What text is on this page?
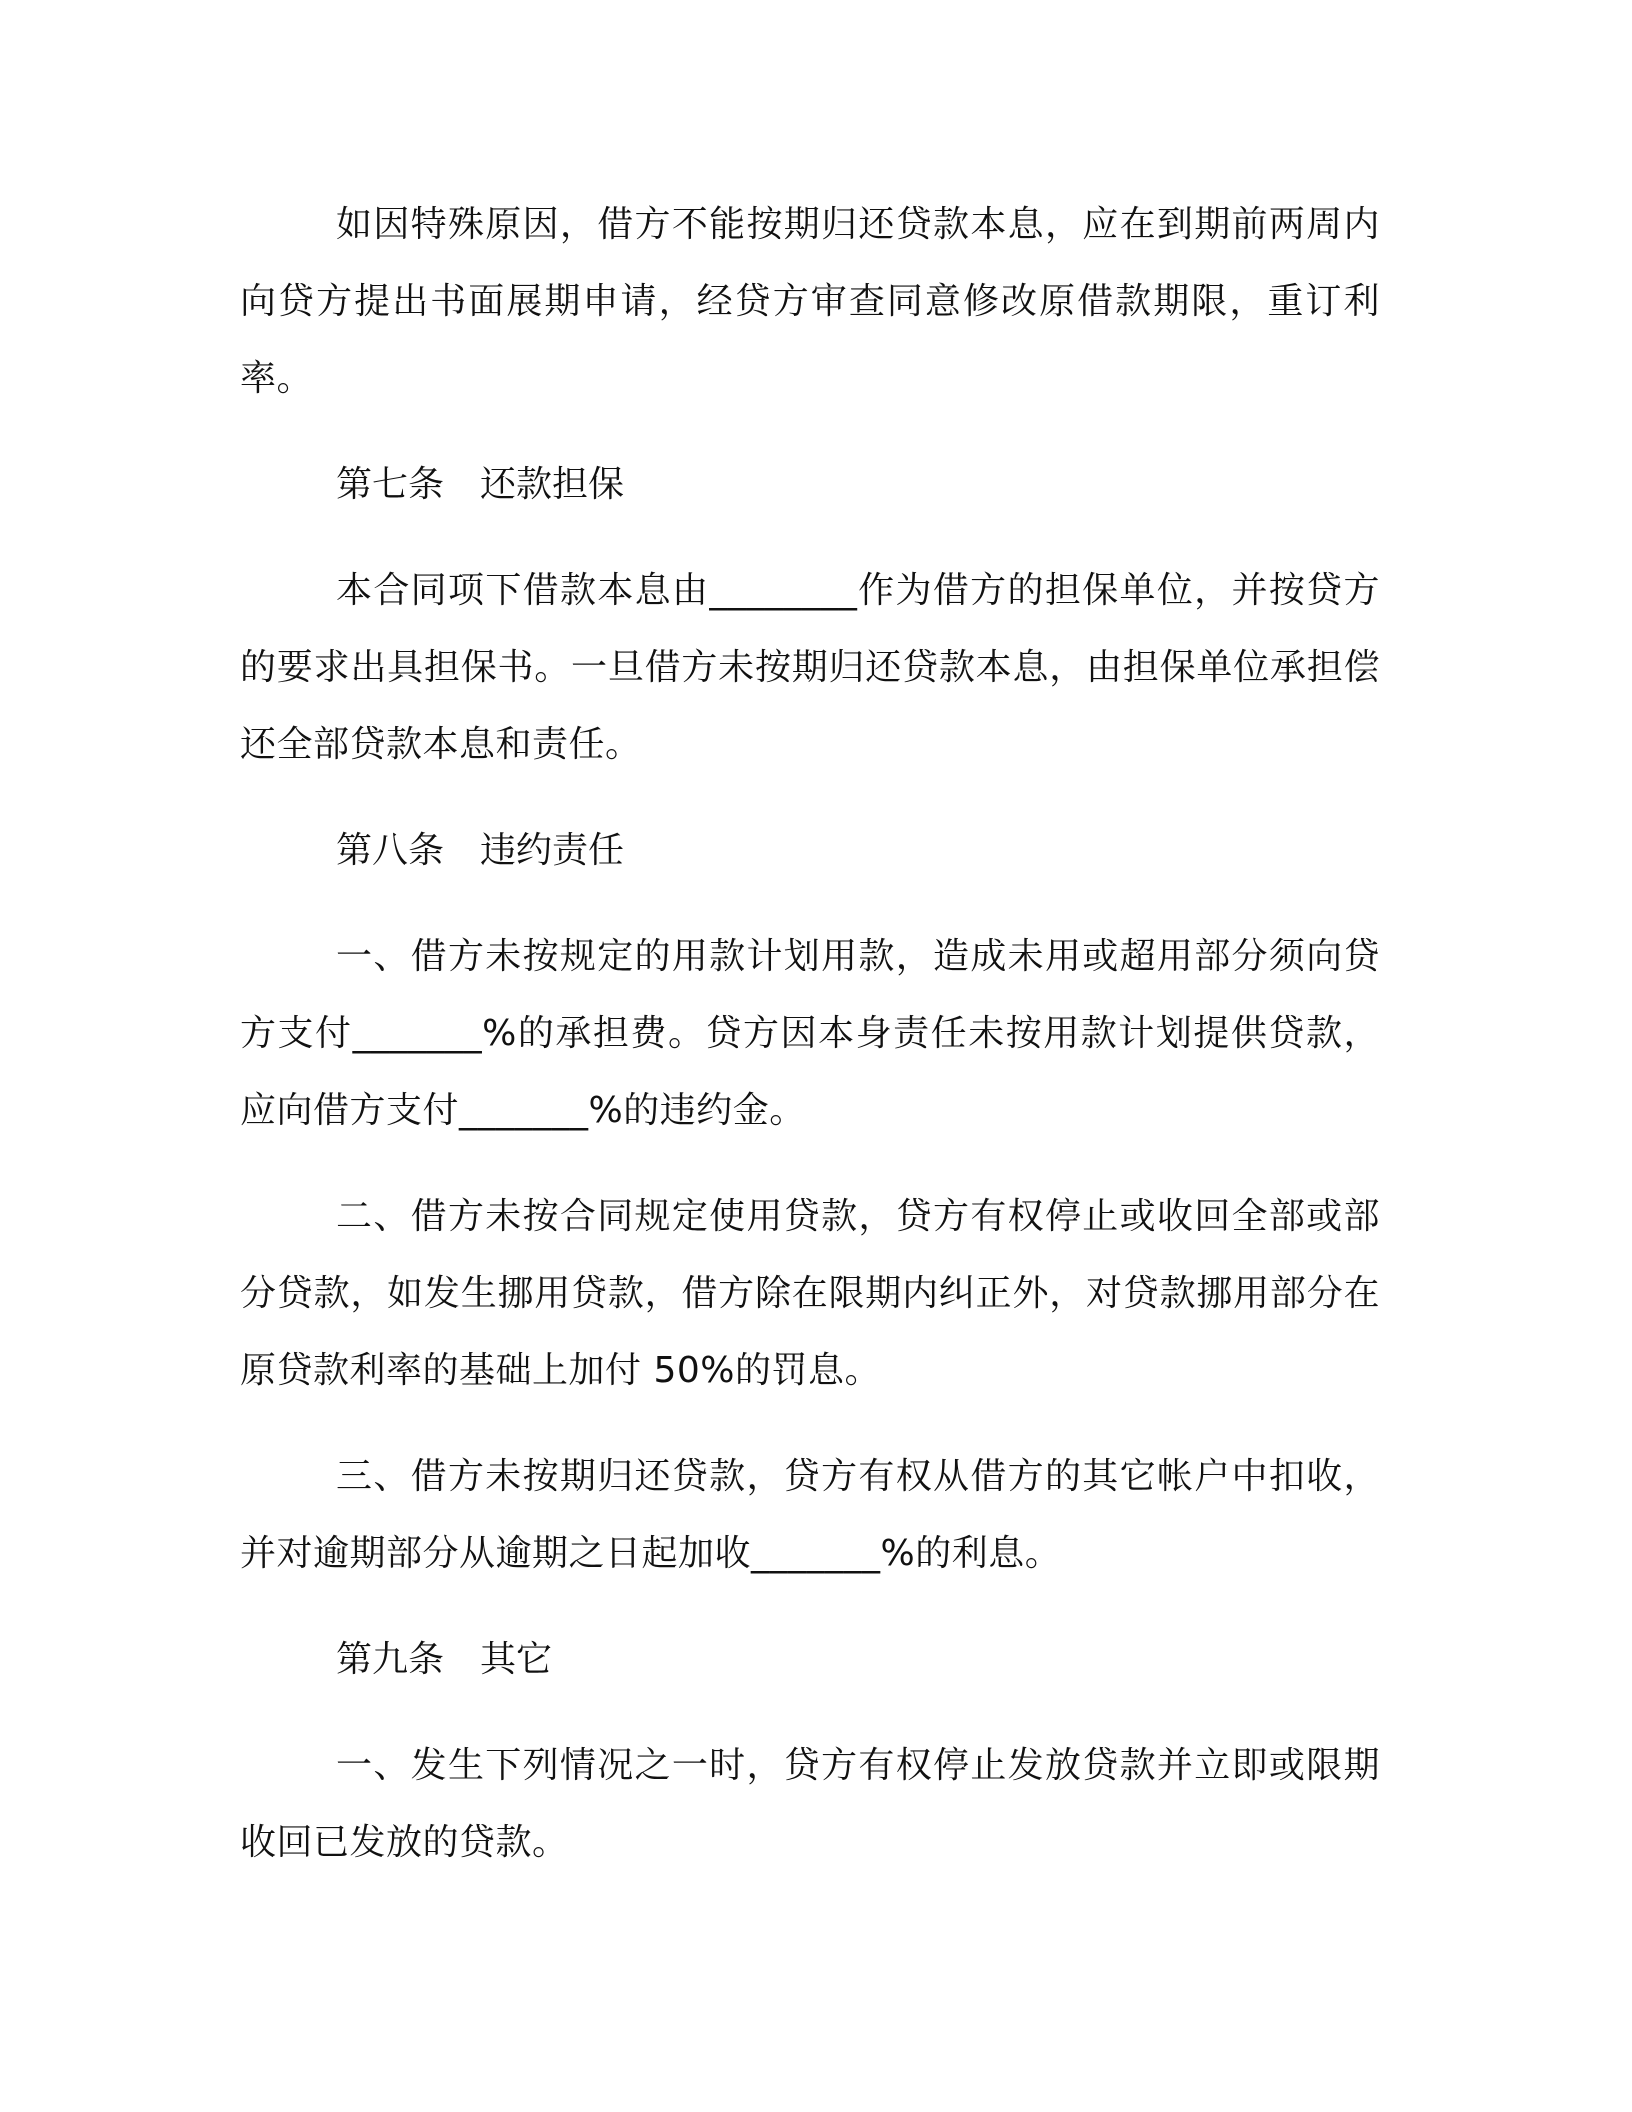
如因特殊原因，借方不能按期归还贷款本息，应在到期前两周内向贷方提出书面展期申请，经贷方审查同意修改原借款期限，重订利率。

第七条　还款担保

本合同项下借款本息由________作为借方的担保单位，并按贷方的要求出具担保书。一旦借方未按期归还贷款本息，由担保单位承担偿还全部贷款本息和责任。

第八条　违约责任

一、借方未按规定的用款计划用款，造成未用或超用部分须向贷方支付_______%的承担费。贷方因本身责任未按用款计划提供贷款，应向借方支付_______%的违约金。

二、借方未按合同规定使用贷款，贷方有权停止或收回全部或部分贷款，如发生挪用贷款，借方除在限期内纠正外，对贷款挪用部分在原贷款利率的基础上加付 50%的罚息。

三、借方未按期归还贷款，贷方有权从借方的其它帐户中扣收，并对逾期部分从逾期之日起加收_______%的利息。

第九条　其它

一、发生下列情况之一时，贷方有权停止发放贷款并立即或限期收回已发放的贷款。
